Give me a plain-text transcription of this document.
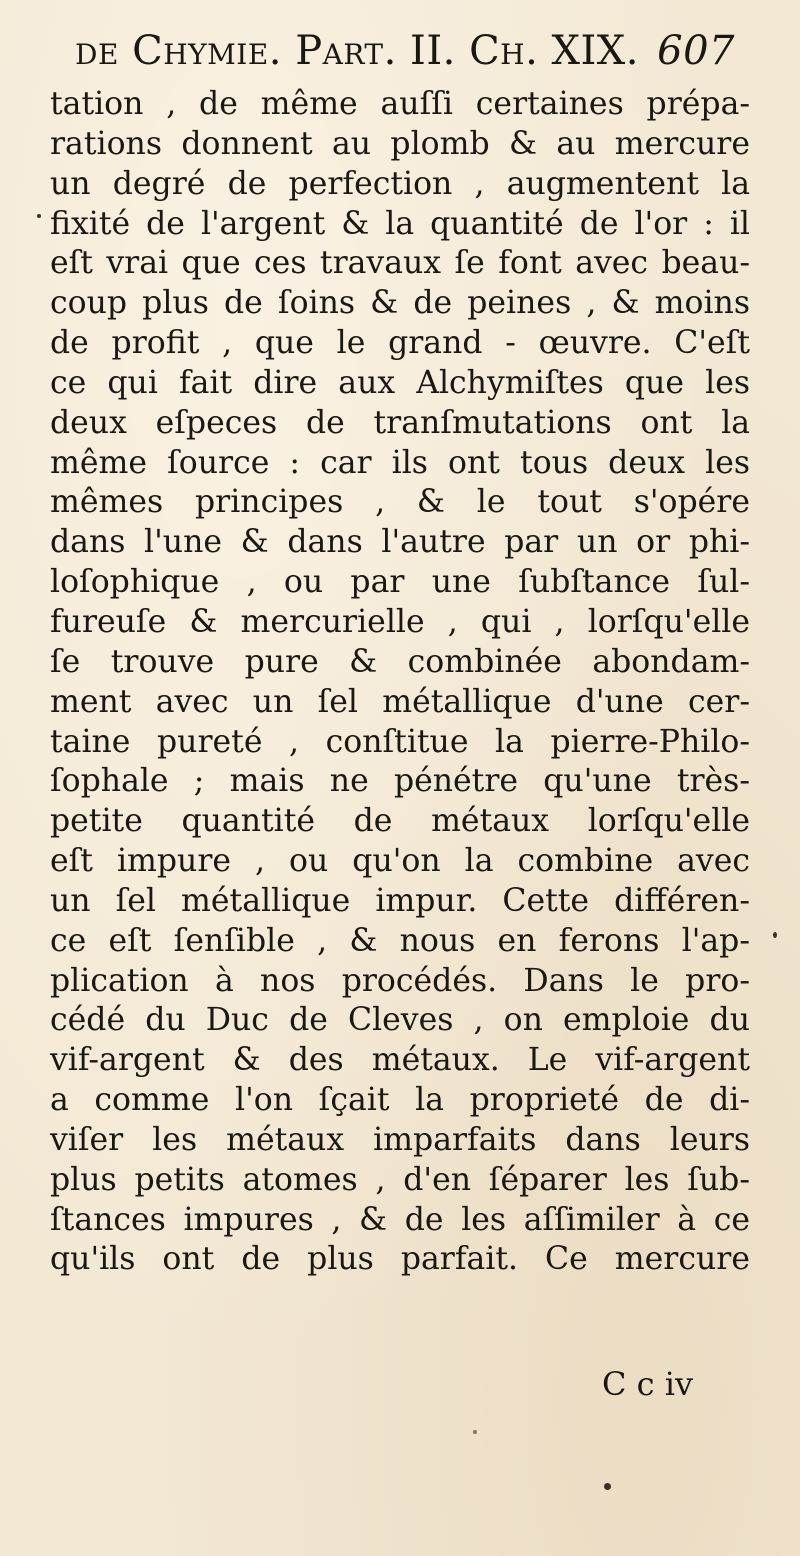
de Chymie. Part. II. Ch. XIX. 607
tation , de même auſſi certaines prépa-
rations donnent au plomb & au mercure
un degré de perfection , augmentent la
fixité de l'argent & la quantité de l'or : il
eſt vrai que ces travaux ſe font avec beau-
coup plus de ſoins & de peines , & moins
de profit , que le grand - œuvre. C'eſt
ce qui fait dire aux Alchymiſtes que les
deux eſpeces de tranſmutations ont la
même ſource : car ils ont tous deux les
mêmes principes , & le tout s'opére
dans l'une & dans l'autre par un or phi-
loſophique , ou par une ſubſtance ſul-
fureuſe & mercurielle , qui , lorſqu'elle
ſe trouve pure & combinée abondam-
ment avec un ſel métallique d'une cer-
taine pureté , conſtitue la pierre-Philo-
ſophale ; mais ne pénétre qu'une très-
petite quantité de métaux lorſqu'elle
eſt impure , ou qu'on la combine avec
un ſel métallique impur. Cette différen-
ce eſt ſenſible , & nous en ferons l'ap-
plication à nos procédés. Dans le pro-
cédé du Duc de Cleves , on emploie du
vif-argent & des métaux. Le vif-argent
a comme l'on ſçait la proprieté de di-
viſer les métaux imparfaits dans leurs
plus petits atomes , d'en ſéparer les ſub-
ſtances impures , & de les aſſimiler à ce
qu'ils ont de plus parfait. Ce mercure
C c iv
